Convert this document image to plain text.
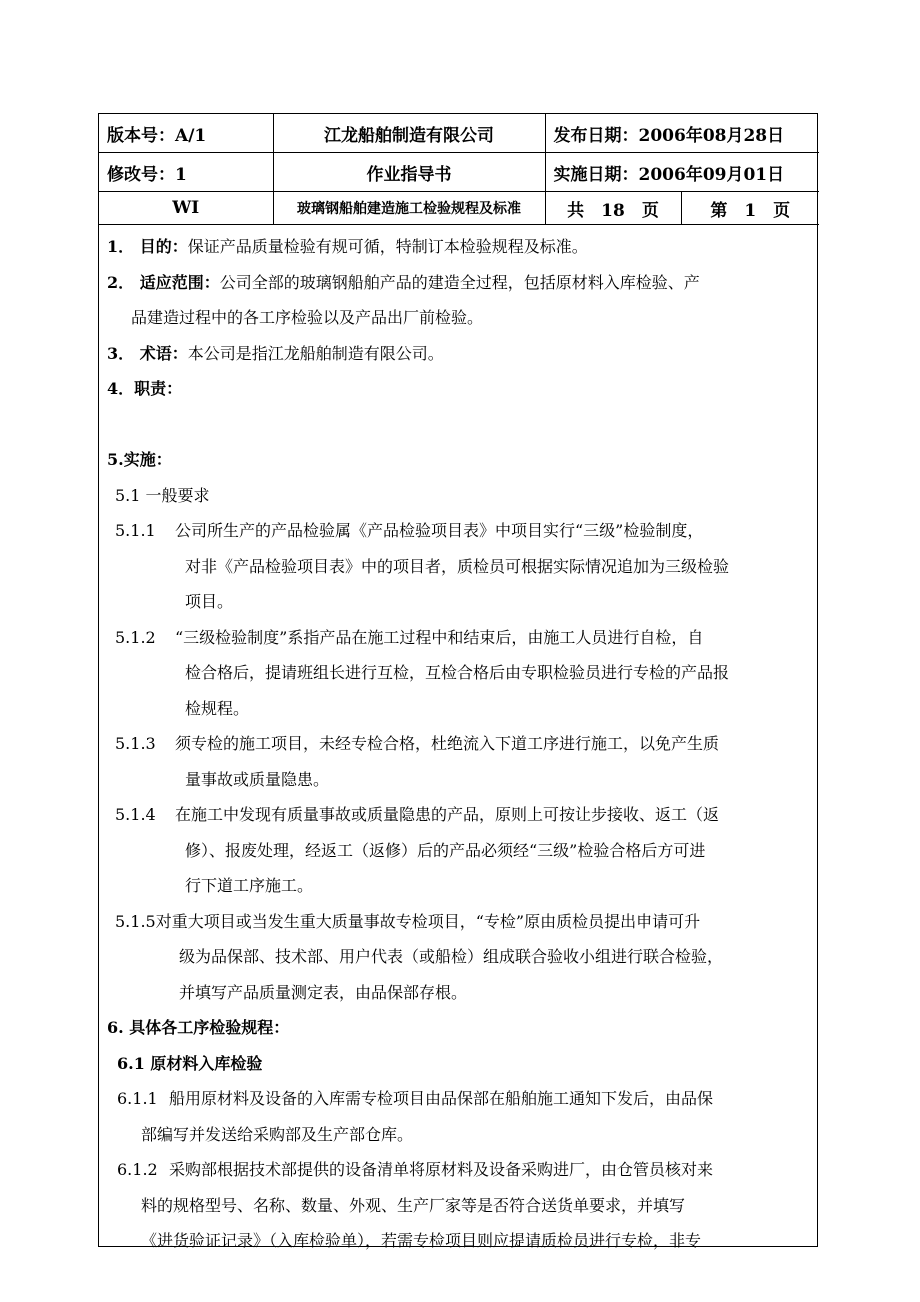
版本号：A/1	江龙船舶制造有限公司	发布日期：2006年08月28日	
修改号：1	作业指导书	实施日期：2006年09月01日	
WI	玻璃钢船舶建造施工检验规程及标准	共　18　页	第　1　页
1． 目的：保证产品质量检验有规可循，特制订本检验规程及标准。
2． 适应范围：公司全部的玻璃钢船舶产品的建造全过程，包括原材料入库检验、产
品建造过程中的各工序检验以及产品出厂前检验。
3． 术语：本公司是指江龙船舶制造有限公司。
4．职责：

5.实施：
5.1 一般要求
5.1.1 公司所生产的产品检验属《产品检验项目表》中项目实行“三级”检验制度，
对非《产品检验项目表》中的项目者，质检员可根据实际情况追加为三级检验
项目。
5.1.2 “三级检验制度”系指产品在施工过程中和结束后，由施工人员进行自检，自
检合格后，提请班组长进行互检，互检合格后由专职检验员进行专检的产品报
检规程。
5.1.3 须专检的施工项目，未经专检合格，杜绝流入下道工序进行施工，以免产生质
量事故或质量隐患。
5.1.4 在施工中发现有质量事故或质量隐患的产品，原则上可按让步接收、返工（返
修）、报废处理，经返工（返修）后的产品必须经“三级”检验合格后方可进
行下道工序施工。
5.1.5对重大项目或当发生重大质量事故专检项目，“专检”原由质检员提出申请可升
级为品保部、技术部、用户代表（或船检）组成联合验收小组进行联合检验，
并填写产品质量测定表，由品保部存根。
6. 具体各工序检验规程：
6.1 原材料入库检验
6.1.1 船用原材料及设备的入库需专检项目由品保部在船舶施工通知下发后，由品保
部编写并发送给采购部及生产部仓库。
6.1.2 采购部根据技术部提供的设备清单将原材料及设备采购进厂，由仓管员核对来
料的规格型号、名称、数量、外观、生产厂家等是否符合送货单要求，并填写
《进货验证记录》（入库检验单），若需专检项目则应提请质检员进行专检，非专
